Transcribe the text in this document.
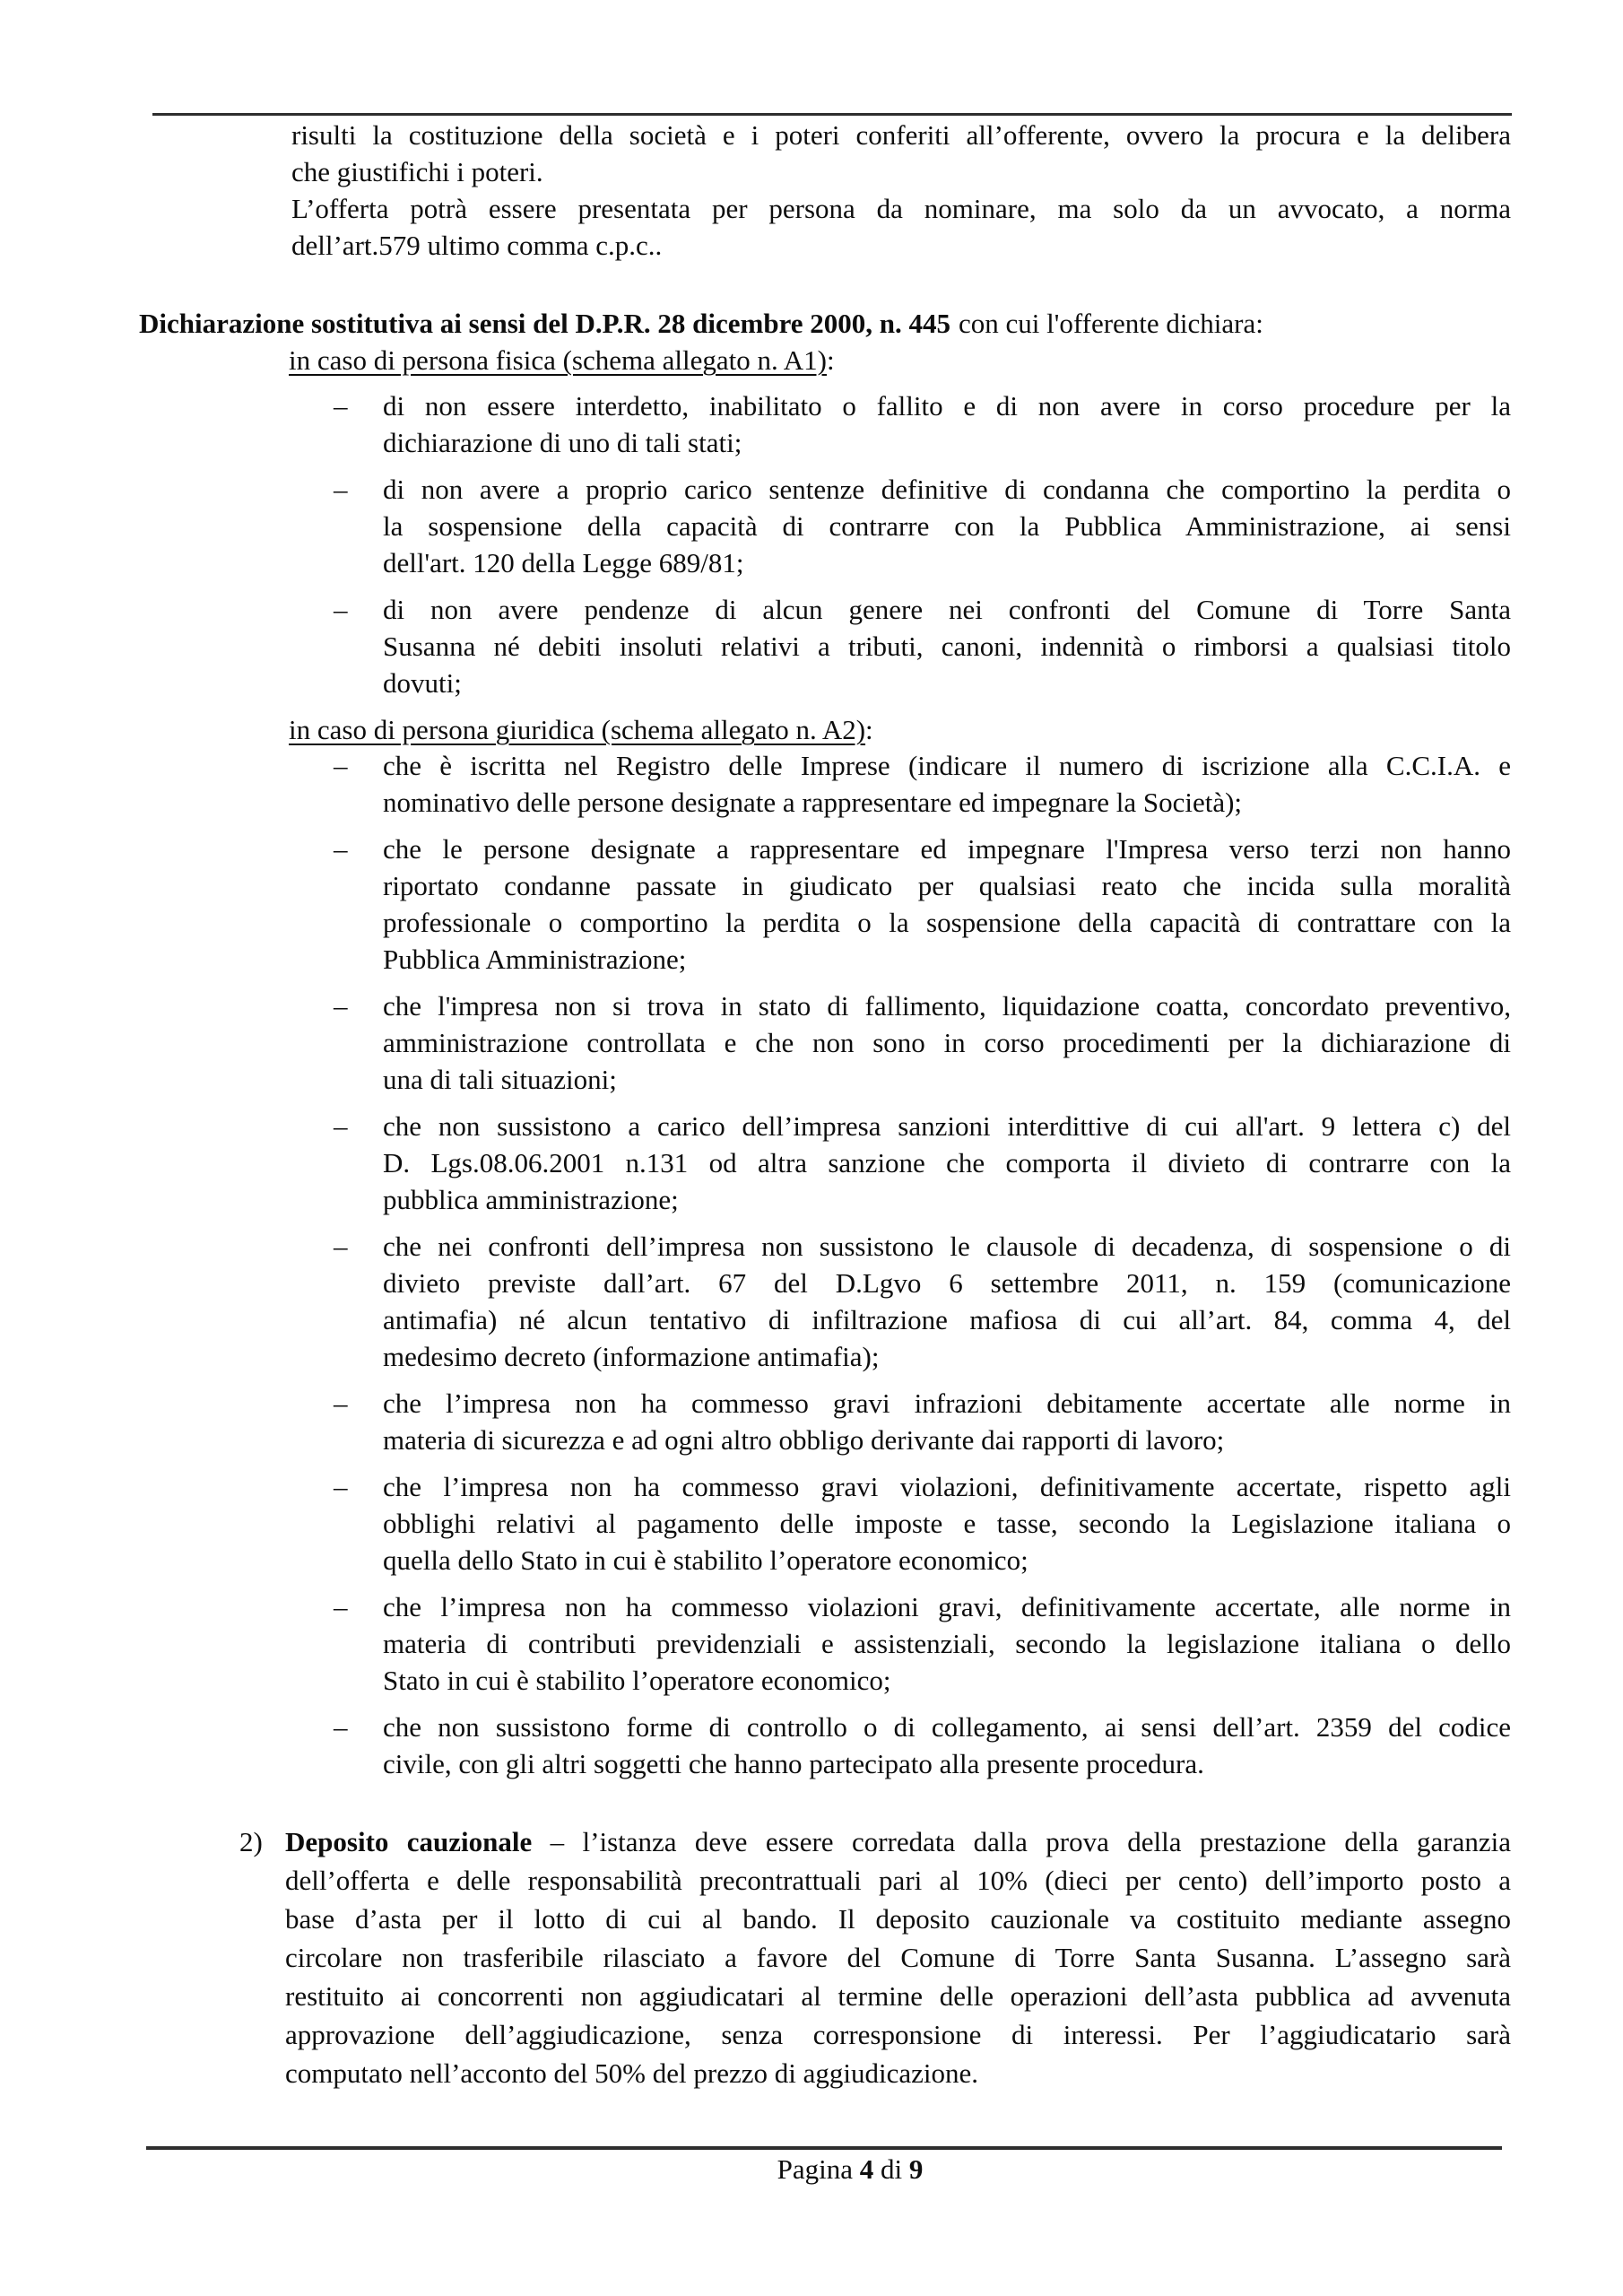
risulti la costituzione della società e i poteri conferiti all’offerente, ovvero la procura e la delibera
che giustifichi i poteri.
L’offerta potrà essere presentata per persona da nominare, ma solo da un avvocato, a norma
dell’art.579 ultimo comma c.p.c..
Dichiarazione sostitutiva ai sensi del D.P.R. 28 dicembre 2000, n. 445 con cui l'offerente dichiara:
in caso di persona fisica (schema allegato n. A1):
– di non essere interdetto, inabilitato o fallito e di non avere in corso procedure per la
dichiarazione di uno di tali stati;
– di non avere a proprio carico sentenze definitive di condanna che comportino la perdita o
la sospensione della capacità di contrarre con la Pubblica Amministrazione, ai sensi
dell'art. 120 della Legge 689/81;
– di non avere pendenze di alcun genere nei confronti del Comune di Torre Santa
Susanna né debiti insoluti relativi a tributi, canoni, indennità o rimborsi a qualsiasi titolo
dovuti;
in caso di persona giuridica (schema allegato n. A2):
– che è iscritta nel Registro delle Imprese (indicare il numero di iscrizione alla C.C.I.A. e
nominativo delle persone designate a rappresentare ed impegnare la Società);
– che le persone designate a rappresentare ed impegnare l'Impresa verso terzi non hanno
riportato condanne passate in giudicato per qualsiasi reato che incida sulla moralità
professionale o comportino la perdita o la sospensione della capacità di contrattare con la
Pubblica Amministrazione;
– che l'impresa non si trova in stato di fallimento, liquidazione coatta, concordato preventivo,
amministrazione controllata e che non sono in corso procedimenti per la dichiarazione di
una di tali situazioni;
– che non sussistono a carico dell’impresa sanzioni interdittive di cui all'art. 9 lettera c) del
D. Lgs.08.06.2001 n.131 od altra sanzione che comporta il divieto di contrarre con la
pubblica amministrazione;
– che nei confronti dell’impresa non sussistono le clausole di decadenza, di sospensione o di
divieto previste dall’art. 67 del D.Lgvo 6 settembre 2011, n. 159 (comunicazione
antimafia) né alcun tentativo di infiltrazione mafiosa di cui all’art. 84, comma 4, del
medesimo decreto (informazione antimafia);
– che l’impresa non ha commesso gravi infrazioni debitamente accertate alle norme in
materia di sicurezza e ad ogni altro obbligo derivante dai rapporti di lavoro;
– che l’impresa non ha commesso gravi violazioni, definitivamente accertate, rispetto agli
obblighi relativi al pagamento delle imposte e tasse, secondo la Legislazione italiana o
quella dello Stato in cui è stabilito l’operatore economico;
– che l’impresa non ha commesso violazioni gravi, definitivamente accertate, alle norme in
materia di contributi previdenziali e assistenziali, secondo la legislazione italiana o dello
Stato in cui è stabilito l’operatore economico;
– che non sussistono forme di controllo o di collegamento, ai sensi dell’art. 2359 del codice
civile, con gli altri soggetti che hanno partecipato alla presente procedura.
2) Deposito cauzionale – l’istanza deve essere corredata dalla prova della prestazione della garanzia
dell’offerta e delle responsabilità precontrattuali pari al 10% (dieci per cento) dell’importo posto a
base d’asta per il lotto di cui al bando. Il deposito cauzionale va costituito mediante assegno
circolare non trasferibile rilasciato a favore del Comune di Torre Santa Susanna. L’assegno sarà
restituito ai concorrenti non aggiudicatari al termine delle operazioni dell’asta pubblica ad avvenuta
approvazione dell’aggiudicazione, senza corresponsione di interessi. Per l’aggiudicatario sarà
computato nell’acconto del 50% del prezzo di aggiudicazione.
Pagina 4 di 9
